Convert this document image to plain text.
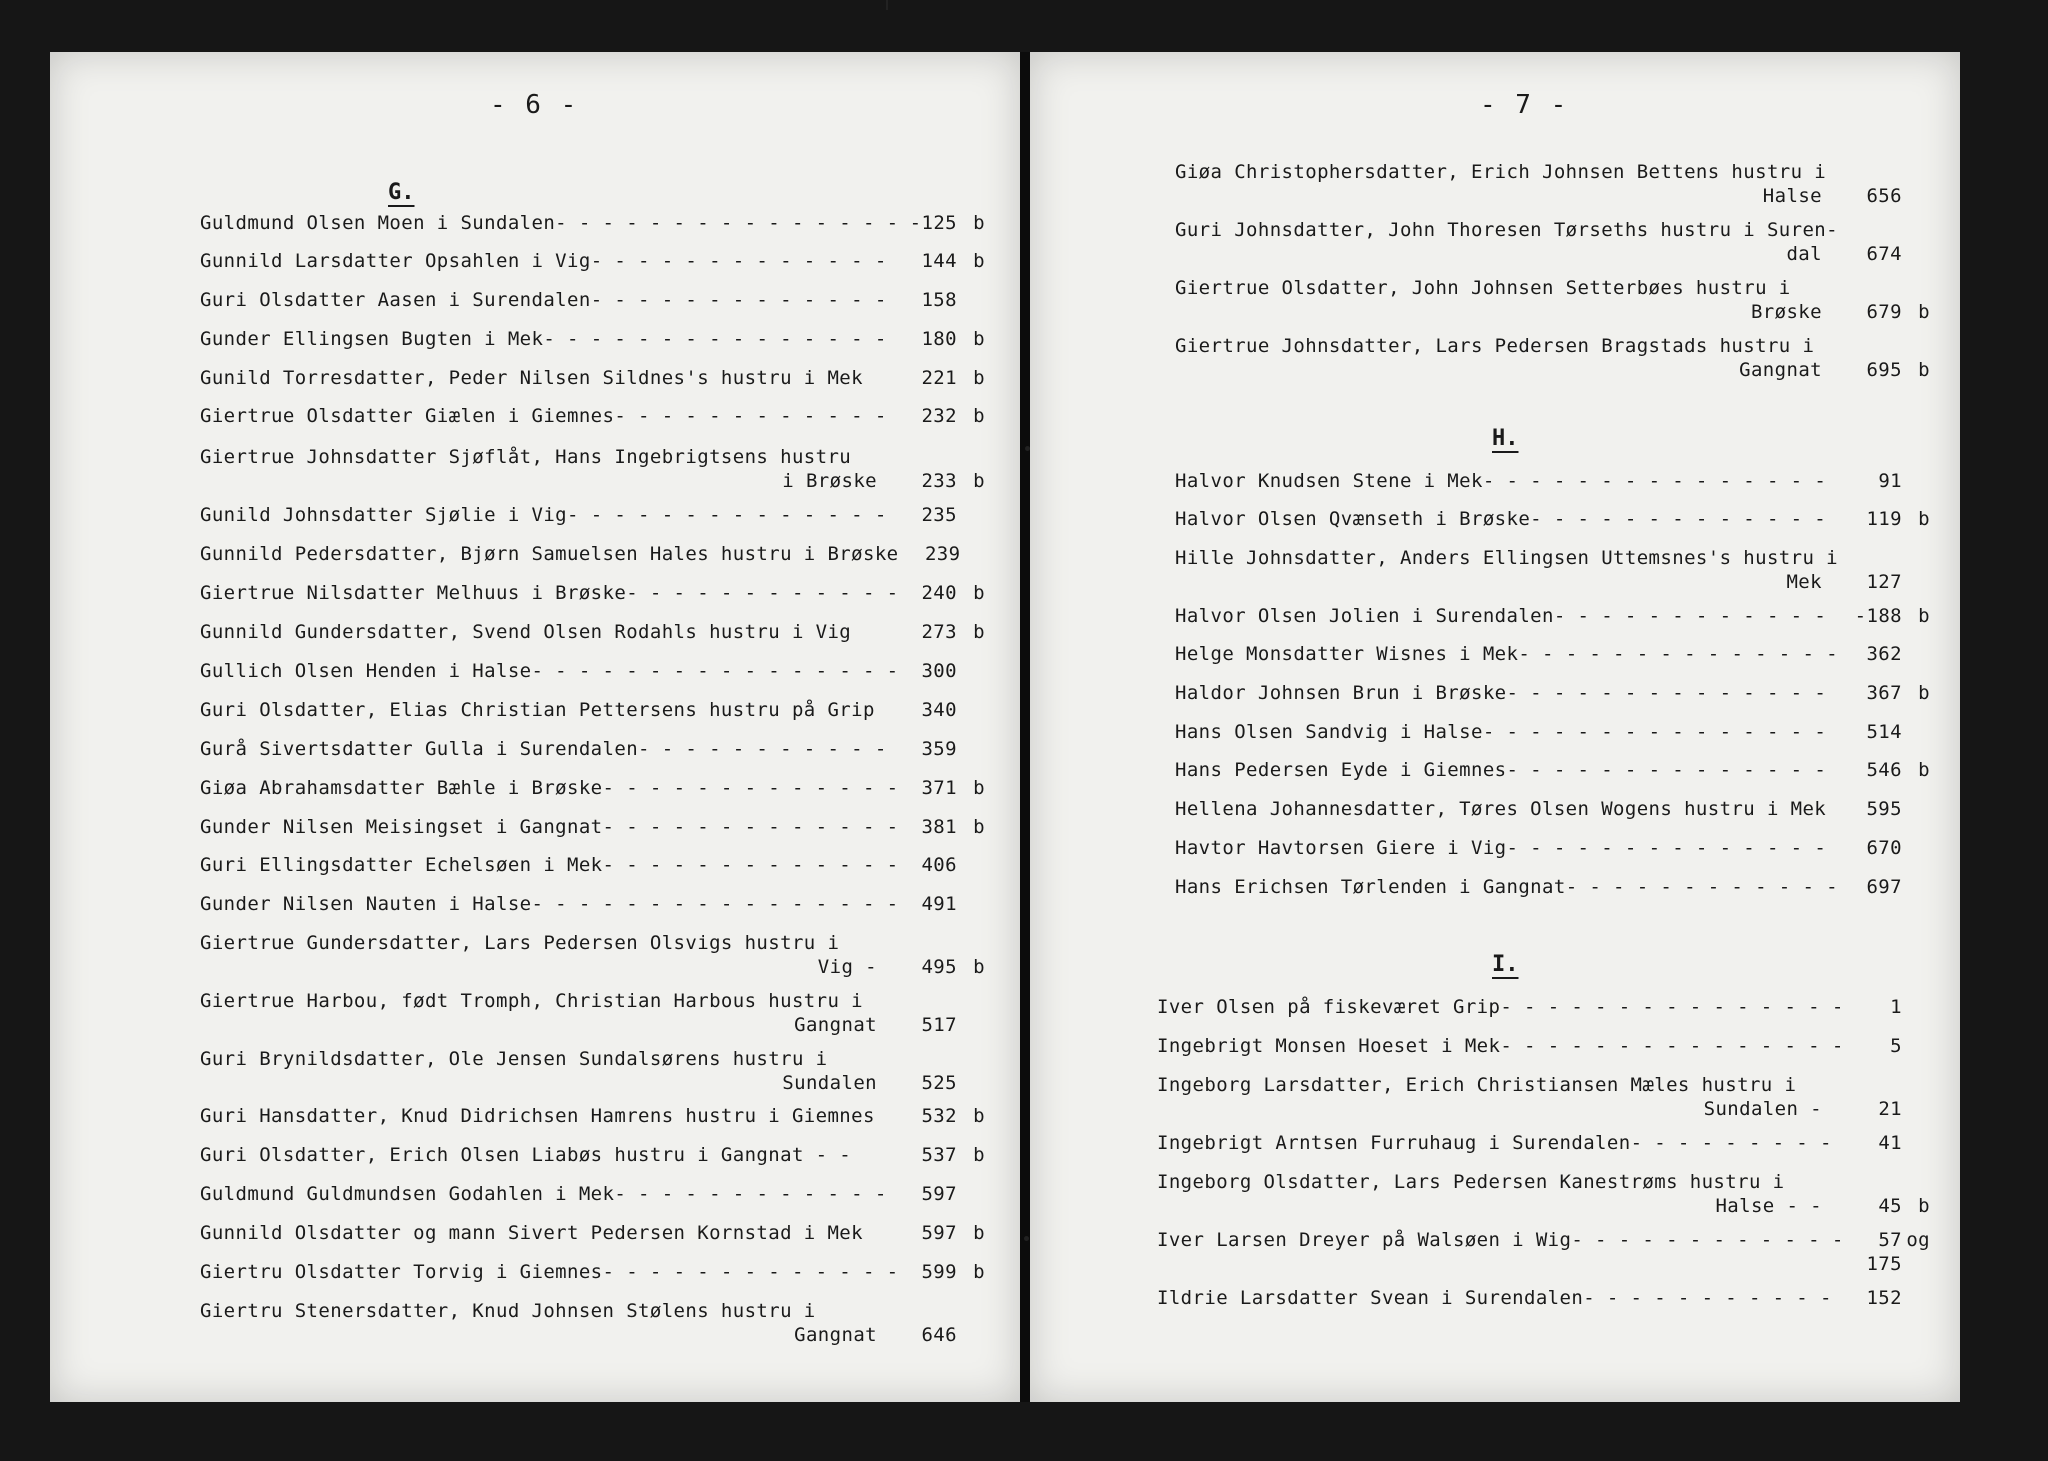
- 6 -
G.
Guldmund Olsen Moen i Sundalen - - -	-125 b
Gunnild Larsdatter Opsahlen i Vig - - -	144 b
Guri Olsdatter Aasen i Surendalen - - -	158
Gunder Ellingsen Bugten i Mek - - -	180 b
Gunild Torresdatter, Peder Nilsen Sildnes's hustru i Mek	221 b
Giertrue Olsdatter Giælen i Giemnes - - -	232 b
Giertrue Johnsdatter Sjøflåt, Hans Ingebrigtsens hustru
i Brøske	233 b
Gunild Johnsdatter Sjølie i Vig - - -	235
Gunnild Pedersdatter, Bjørn Samuelsen Hales hustru i Brøske	239
Giertrue Nilsdatter Melhuus i Brøske - - -	240 b
Gunnild Gundersdatter, Svend Olsen Rodahls hustru i Vig	273 b
Gullich Olsen Henden i Halse - - -	300
Guri Olsdatter, Elias Christian Pettersens hustru på Grip	340
Gurå Sivertsdatter Gulla i Surendalen - - -	359
Giøa Abrahamsdatter Bæhle i Brøske - - -	371 b
Gunder Nilsen Meisingset i Gangnat - - -	381 b
Guri Ellingsdatter Echelsøen i Mek - - -	406
Gunder Nilsen Nauten i Halse - - -	491
Giertrue Gundersdatter, Lars Pedersen Olsvigs hustru i
Vig -	495 b
Giertrue Harbou, født Tromph, Christian Harbous hustru i
Gangnat	517
Guri Brynildsdatter, Ole Jensen Sundalsørens hustru i
Sundalen	525
Guri Hansdatter, Knud Didrichsen Hamrens hustru i Giemnes	532 b
Guri Olsdatter, Erich Olsen Liabøs hustru i Gangnat - -	537 b
Guldmund Guldmundsen Godahlen i Mek - - -	597
Gunnild Olsdatter og mann Sivert Pedersen Kornstad i Mek	597 b
Giertru Olsdatter Torvig i Giemnes - - -	599 b
Giertru Stenersdatter, Knud Johnsen Stølens hustru i
Gangnat	646
- 7 -
Giøa Christophersdatter, Erich Johnsen Bettens hustru i
Halse	656
Guri Johnsdatter, John Thoresen Tørseths hustru i Suren-
dal	674
Giertrue Olsdatter, John Johnsen Setterbøes hustru i
Brøske	679 b
Giertrue Johnsdatter, Lars Pedersen Bragstads hustru i
Gangnat	695 b
H.
Halvor Knudsen Stene i Mek - - -	91
Halvor Olsen Qvænseth i Brøske - - -	119 b
Hille Johnsdatter, Anders Ellingsen Uttemsnes's hustru i
Mek	127
Halvor Olsen Jolien i Surendalen - - -	-188 b
Helge Monsdatter Wisnes i Mek - - -	362
Haldor Johnsen Brun i Brøske - - -	367 b
Hans Olsen Sandvig i Halse - - -	514
Hans Pedersen Eyde i Giemnes - - -	546 b
Hellena Johannesdatter, Tøres Olsen Wogens hustru i Mek	595
Havtor Havtorsen Giere i Vig - - -	670
Hans Erichsen Tørlenden i Gangnat - - -	697
I.
Iver Olsen på fiskeværet Grip - - -	1
Ingebrigt Monsen Hoeset i Mek - - -	5
Ingeborg Larsdatter, Erich Christiansen Mæles hustru i
Sundalen -	21
Ingebrigt Arntsen Furruhaug i Surendalen - - -	41
Ingeborg Olsdatter, Lars Pedersen Kanestrøms hustru i
Halse - -	45 b
Iver Larsen Dreyer på Walsøen i Wig - - -	57 og
175
Ildrie Larsdatter Svean i Surendalen - - -	152
